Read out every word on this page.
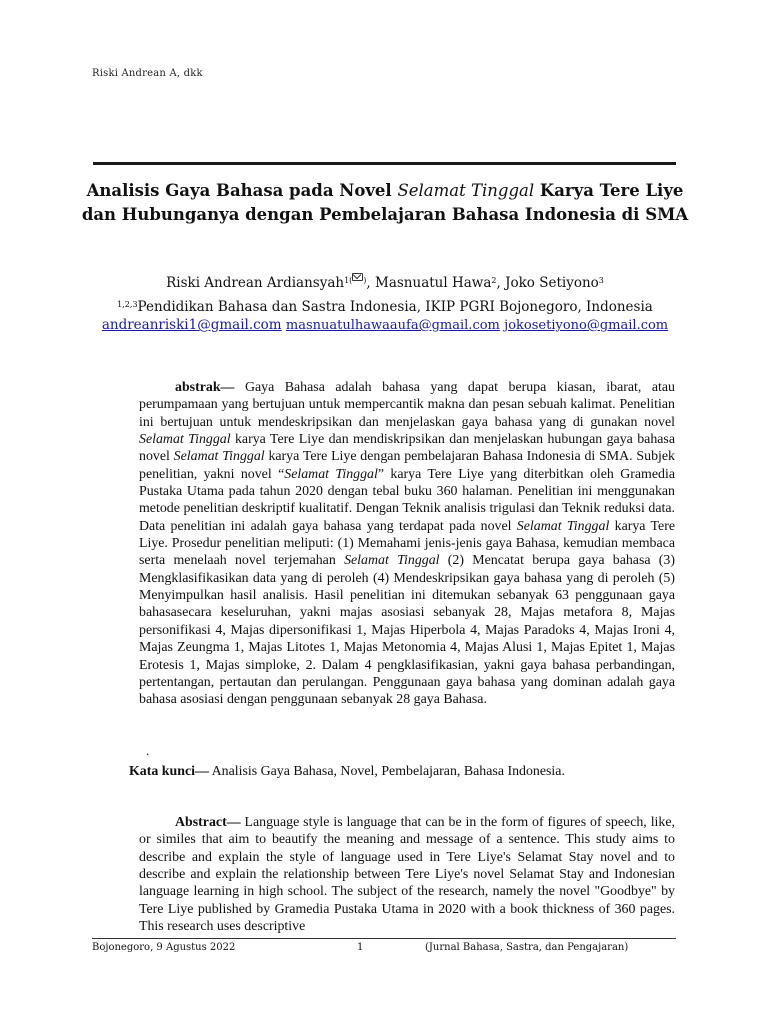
Riski Andrean A, dkk
Analisis Gaya Bahasa pada Novel Selamat Tinggal Karya Tere Liye
dan Hubunganya dengan Pembelajaran Bahasa Indonesia di SMA
Riski Andrean Ardiansyah$^{1( )}$, Masnuatul Hawa$^2$, Joko Setiyono$^3$
$^{1,2,3}$Pendidikan Bahasa dan Sastra Indonesia, IKIP PGRI Bojonegoro, Indonesia
andreanriski1@gmail.com masnuatulhawaaufa@gmail.com jokosetiyono@gmail.com

abstrak— Gaya Bahasa adalah bahasa yang dapat berupa kiasan, ibarat, atau perumpamaan yang bertujuan untuk mempercantik makna dan pesan sebuah kalimat. Penelitian ini bertujuan untuk mendeskripsikan dan menjelaskan gaya bahasa yang di gunakan novel Selamat Tinggal karya Tere Liye dan mendiskripsikan dan menjelaskan hubungan gaya bahasa novel Selamat Tinggal karya Tere Liye dengan pembelajaran Bahasa Indonesia di SMA. Subjek penelitian, yakni novel “Selamat Tinggal” karya Tere Liye yang diterbitkan oleh Gramedia Pustaka Utama pada tahun 2020 dengan tebal buku 360 halaman. Penelitian ini menggunakan metode penelitian deskriptif kualitatif. Dengan Teknik analisis trigulasi dan Teknik reduksi data. Data penelitian ini adalah gaya bahasa yang terdapat pada novel Selamat Tinggal karya Tere Liye. Prosedur penelitian meliputi: (1) Memahami jenis-jenis gaya Bahasa, kemudian membaca serta menelaah novel terjemahan Selamat Tinggal (2) Mencatat berupa gaya bahasa (3) Mengklasifikasikan data yang di peroleh (4) Mendeskripsikan gaya bahasa yang di peroleh (5) Menyimpulkan hasil analisis. Hasil penelitian ini ditemukan sebanyak 63 penggunaan gaya bahasasecara keseluruhan, yakni majas asosiasi sebanyak 28, Majas metafora 8, Majas personifikasi 4, Majas dipersonifikasi 1, Majas Hiperbola 4, Majas Paradoks 4, Majas Ironi 4, Majas Zeungma 1, Majas Litotes 1, Majas Metonomia 4, Majas Alusi 1, Majas Epitet 1, Majas Erotesis 1, Majas simploke, 2. Dalam 4 pengklasifikasian, yakni gaya bahasa perbandingan, pertentangan, pertautan dan perulangan. Penggunaan gaya bahasa yang dominan adalah gaya bahasa asosiasi dengan penggunaan sebanyak 28 gaya Bahasa.

.
Kata kunci— Analisis Gaya Bahasa, Novel, Pembelajaran, Bahasa Indonesia.

Abstract— Language style is language that can be in the form of figures of speech, like, or similes that aim to beautify the meaning and message of a sentence. This study aims to describe and explain the style of language used in Tere Liye's Selamat Stay novel and to describe and explain the relationship between Tere Liye's novel Selamat Stay and Indonesian language learning in high school. The subject of the research, namely the novel "Goodbye" by Tere Liye published by Gramedia Pustaka Utama in 2020 with a book thickness of 360 pages. This research uses descriptive

Bojonegoro, 9 Agustus 2022	1	(Jurnal Bahasa, Sastra, dan Pengajaran)
